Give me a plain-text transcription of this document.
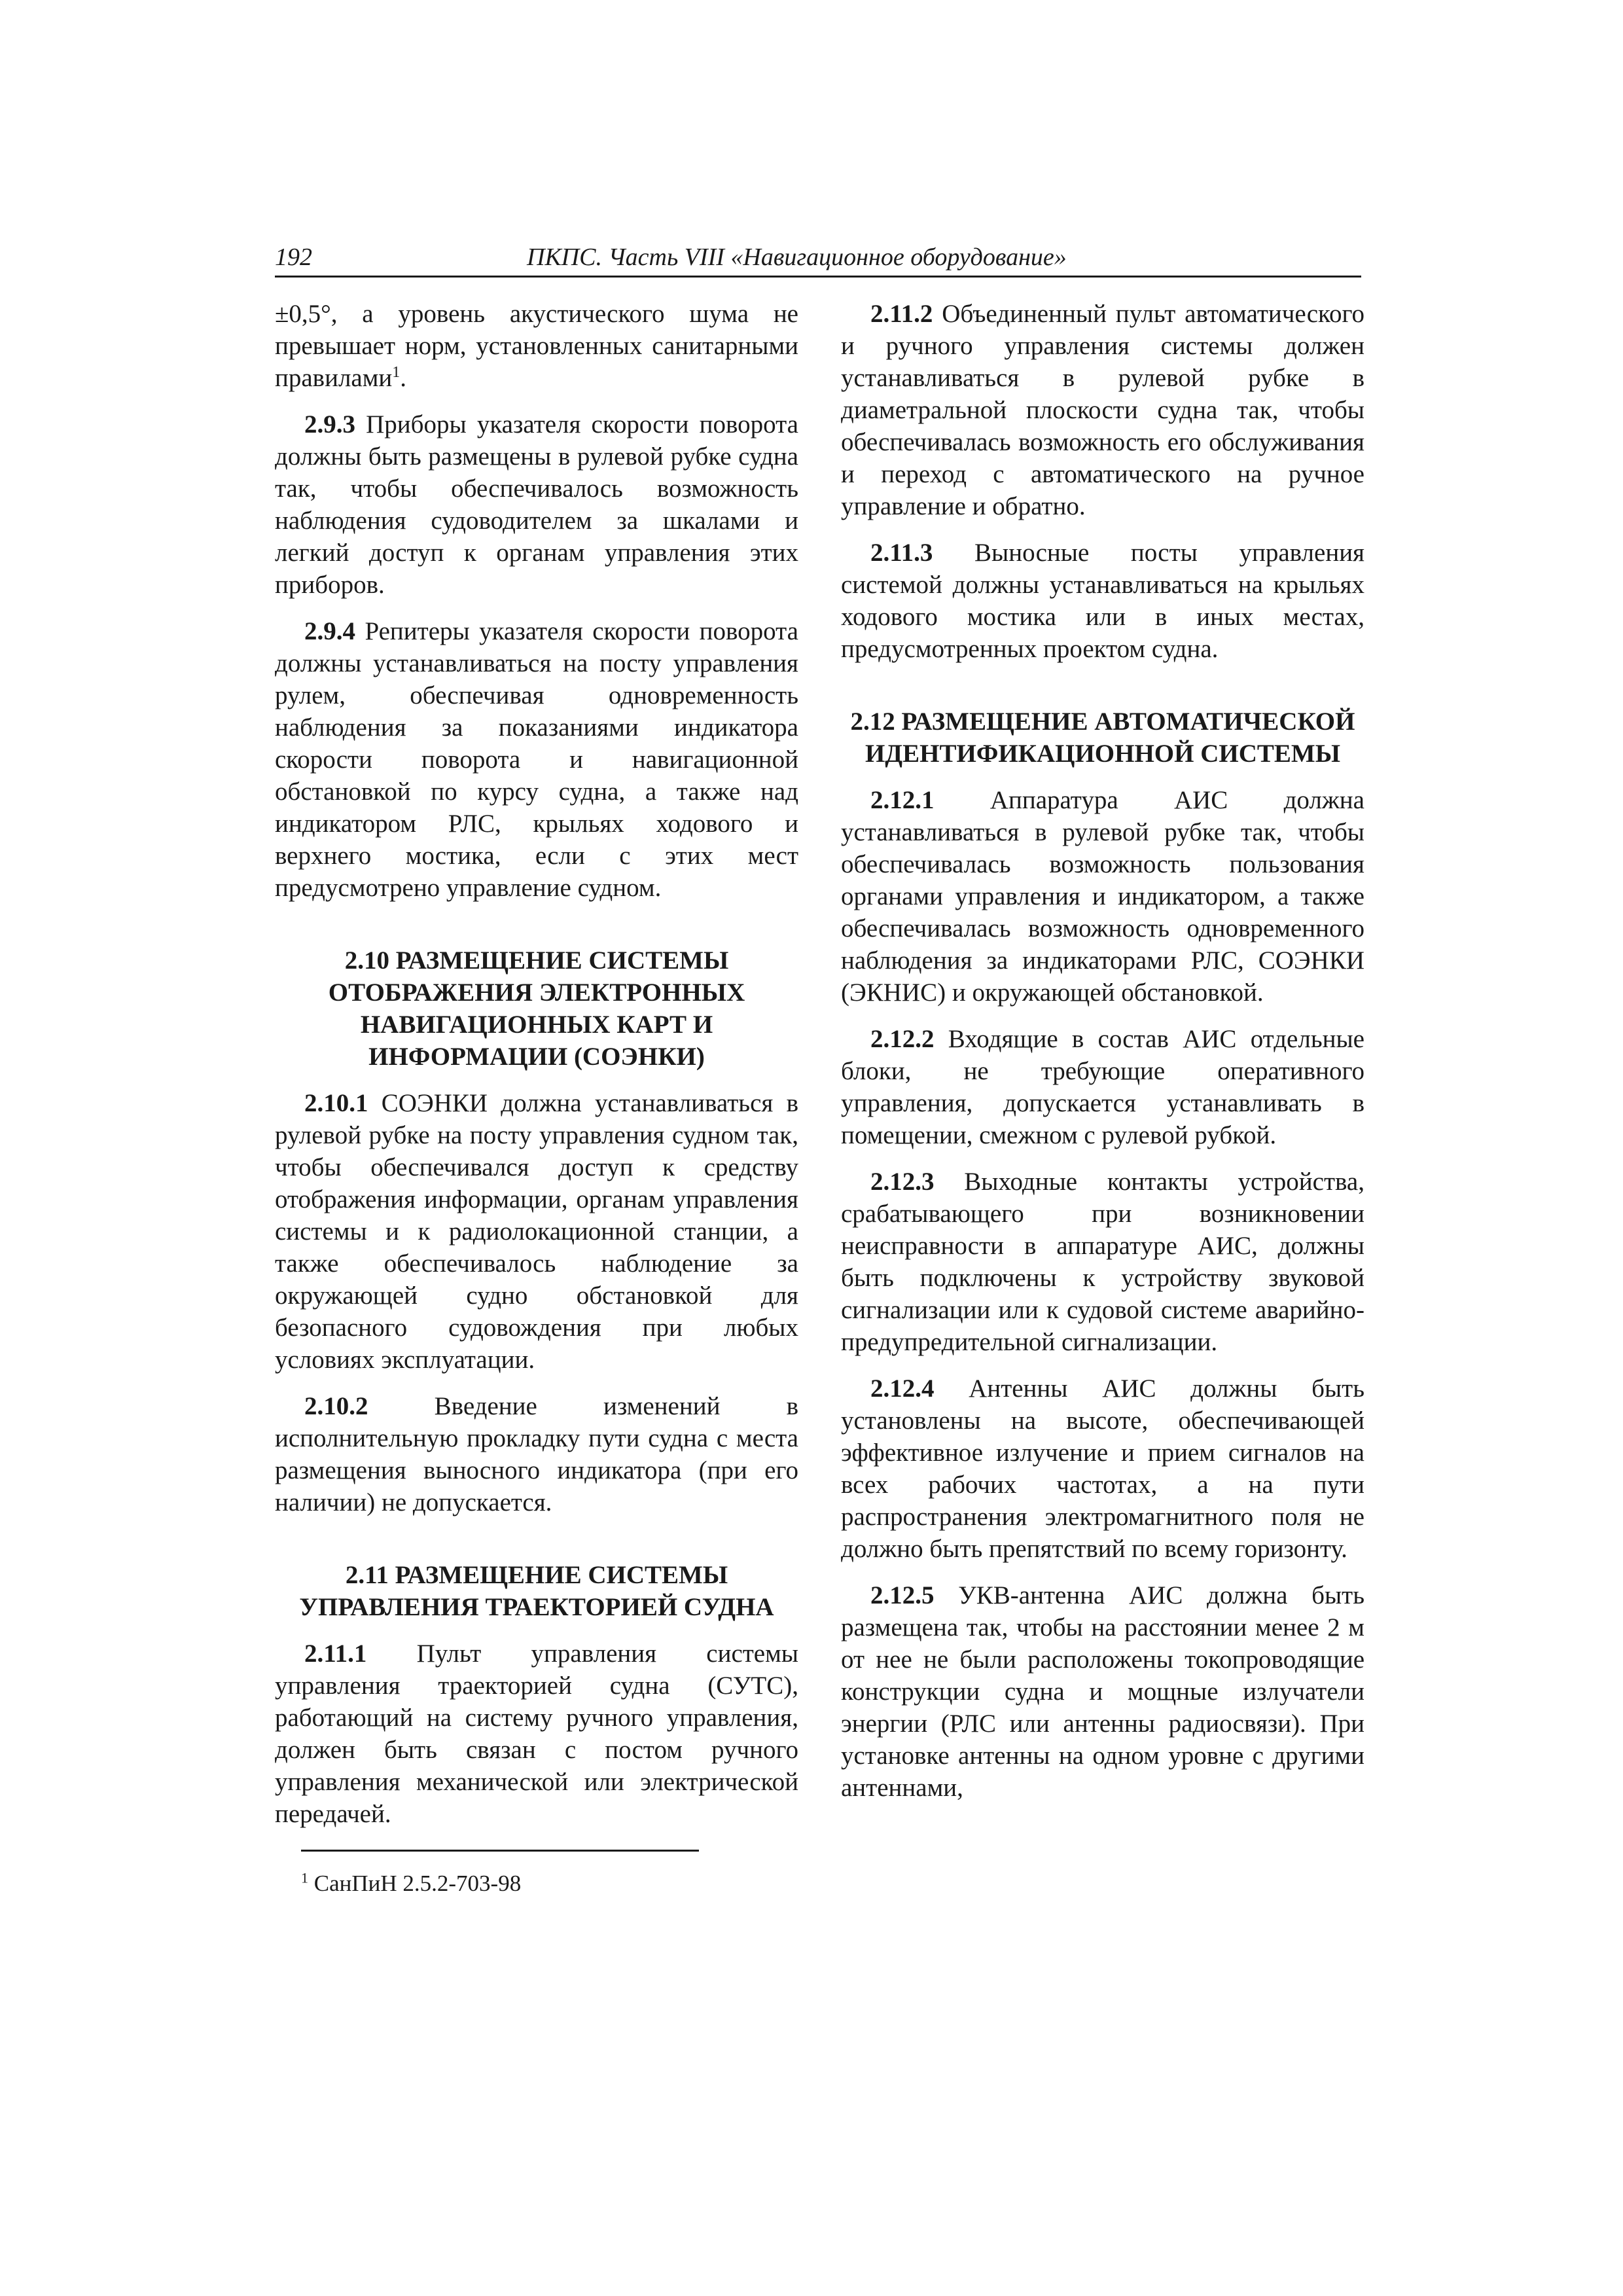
192	ПКПС. Часть VIII «Навигационное оборудование»

±0,5°, а уровень акустического шума не превышает норм, установленных санитарными правилами$^1$.

2.9.3 Приборы указателя скорости поворота должны быть размещены в рулевой рубке судна так, чтобы обеспечивалось возможность наблюдения судоводителем за шкалами и легкий доступ к органам управления этих приборов.

2.9.4 Репитеры указателя скорости поворота должны устанавливаться на посту управления рулем, обеспечивая одновременность наблюдения за показаниями индикатора скорости поворота и навигационной обстановкой по курсу судна, а также над индикатором РЛС, крыльях ходового и верхнего мостика, если с этих мест предусмотрено управление судном.

2.10 РАЗМЕЩЕНИЕ СИСТЕМЫ ОТОБРАЖЕНИЯ ЭЛЕКТРОННЫХ НАВИГАЦИОННЫХ КАРТ И ИНФОРМАЦИИ (СОЭНКИ)

2.10.1 СОЭНКИ должна устанавливаться в рулевой рубке на посту управления судном так, чтобы обеспечивался доступ к средству отображения информации, органам управления системы и к радиолокационной станции, а также обеспечивалось наблюдение за окружающей судно обстановкой для безопасного судовождения при любых условиях эксплуатации.

2.10.2 Введение изменений в исполнительную прокладку пути судна с места размещения выносного индикатора (при его наличии) не допускается.

2.11 РАЗМЕЩЕНИЕ СИСТЕМЫ УПРАВЛЕНИЯ ТРАЕКТОРИЕЙ СУДНА

2.11.1 Пульт управления системы управления траекторией судна (СУТС), работающий на систему ручного управления, должен быть связан с постом ручного управления механической или электрической передачей.

$^1$ СанПиН 2.5.2-703-98

2.11.2 Объединенный пульт автоматического и ручного управления системы должен устанавливаться в рулевой рубке в диаметральной плоскости судна так, чтобы обеспечивалась возможность его обслуживания и переход с автоматического на ручное управление и обратно.

2.11.3 Выносные посты управления системой должны устанавливаться на крыльях ходового мостика или в иных местах, предусмотренных проектом судна.

2.12 РАЗМЕЩЕНИЕ АВТОМАТИЧЕСКОЙ ИДЕНТИФИКАЦИОННОЙ СИСТЕМЫ

2.12.1 Аппаратура АИС должна устанавливаться в рулевой рубке так, чтобы обеспечивалась возможность пользования органами управления и индикатором, а также обеспечивалась возможность одновременного наблюдения за индикаторами РЛС, СОЭНКИ (ЭКНИС) и окружающей обстановкой.

2.12.2 Входящие в состав АИС отдельные блоки, не требующие оперативного управления, допускается устанавливать в помещении, смежном с рулевой рубкой.

2.12.3 Выходные контакты устройства, срабатывающего при возникновении неисправности в аппаратуре АИС, должны быть подключены к устройству звуковой сигнализации или к судовой системе аварийно-предупредительной сигнализации.

2.12.4 Антенны АИС должны быть установлены на высоте, обеспечивающей эффективное излучение и прием сигналов на всех рабочих частотах, а на пути распространения электромагнитного поля не должно быть препятствий по всему горизонту.

2.12.5 УКВ-антенна АИС должна быть размещена так, чтобы на расстоянии менее 2 м от нее не были расположены токопроводящие конструкции судна и мощные излучатели энергии (РЛС или антенны радиосвязи). При установке антенны на одном уровне с другими антеннами,
